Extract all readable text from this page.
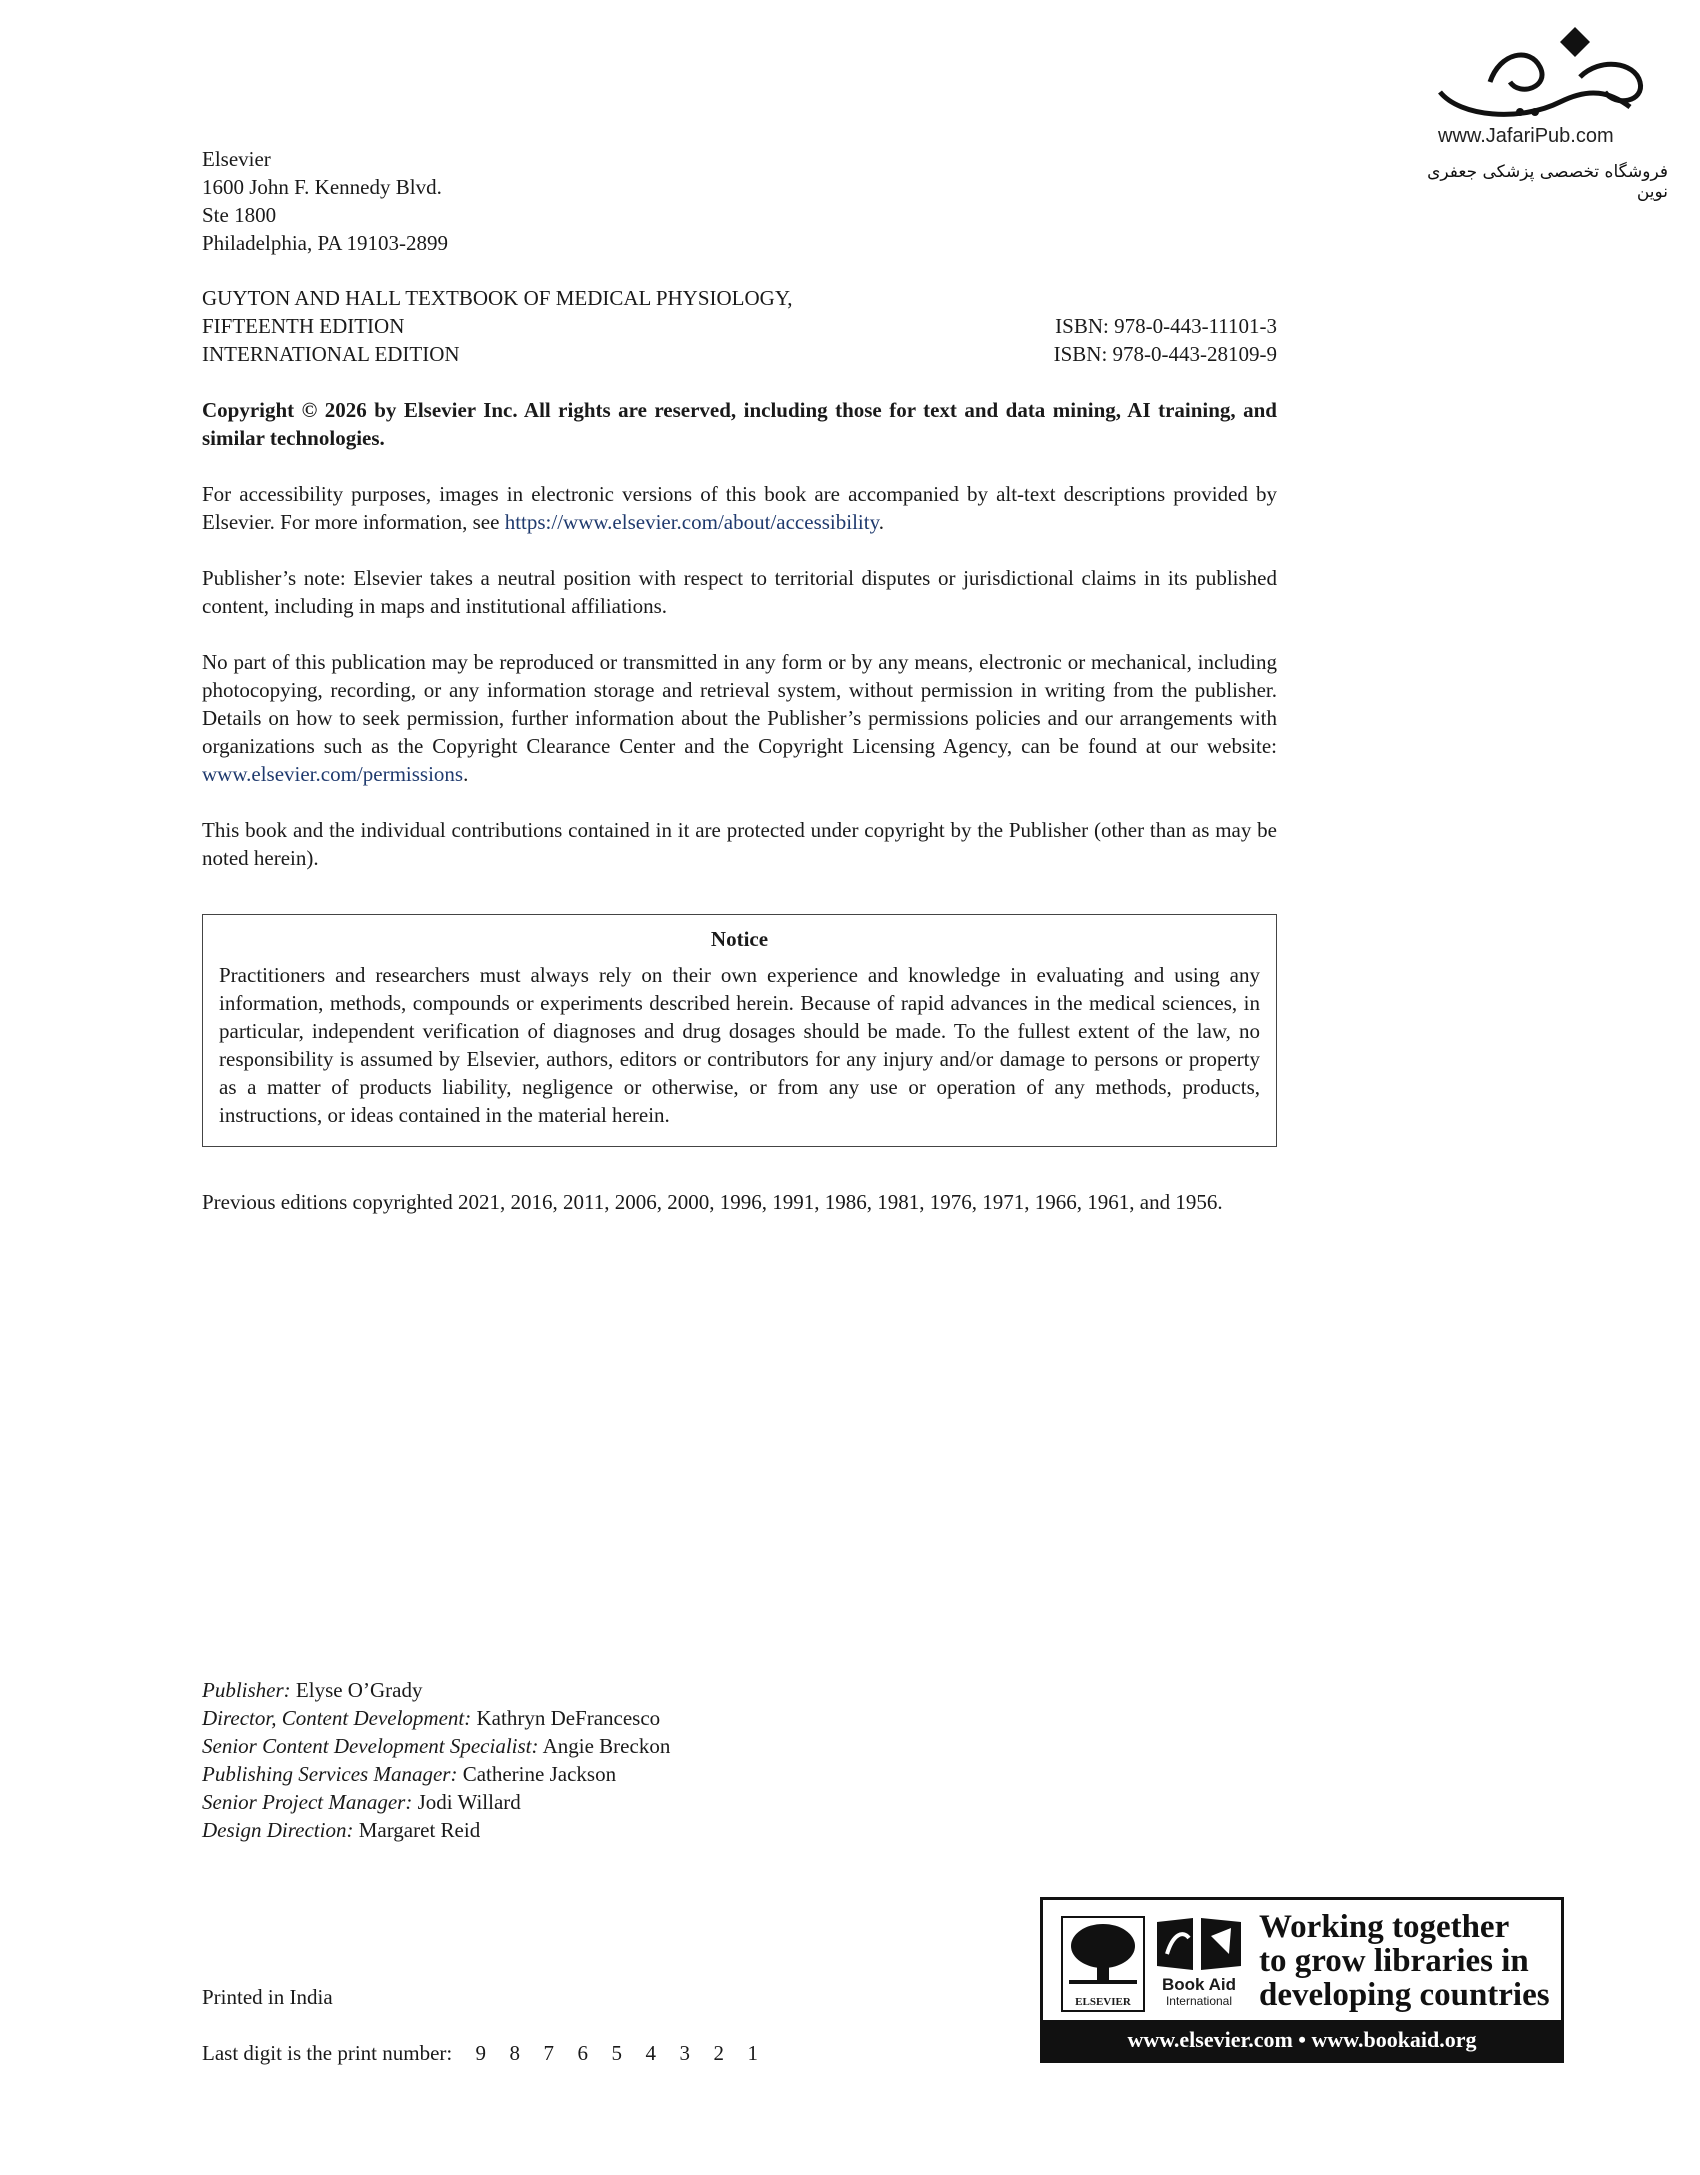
www.JafariPub.com
فروشگاه تخصصی پزشکی جعفری نوین
Elsevier
1600 John F. Kennedy Blvd.
Ste 1800
Philadelphia, PA 19103-2899
GUYTON AND HALL TEXTBOOK OF MEDICAL PHYSIOLOGY,
FIFTEENTH EDITION	ISBN: 978-0-443-11101-3
INTERNATIONAL EDITION	ISBN: 978-0-443-28109-9
Copyright © 2026 by Elsevier Inc. All rights are reserved, including those for text and data mining, AI training, and similar technologies.
For accessibility purposes, images in electronic versions of this book are accompanied by alt-text descriptions provided by Elsevier. For more information, see https://www.elsevier.com/about/accessibility.
Publisher’s note: Elsevier takes a neutral position with respect to territorial disputes or jurisdictional claims in its published content, including in maps and institutional affiliations.
No part of this publication may be reproduced or transmitted in any form or by any means, electronic or mechanical, including photocopying, recording, or any information storage and retrieval system, without permission in writing from the publisher. Details on how to seek permission, further information about the Publisher’s permissions policies and our arrangements with organizations such as the Copyright Clearance Center and the Copyright Licensing Agency, can be found at our website: www.elsevier.com/permissions.
This book and the individual contributions contained in it are protected under copyright by the Publisher (other than as may be noted herein).
Notice
Practitioners and researchers must always rely on their own experience and knowledge in evaluating and using any information, methods, compounds or experiments described herein. Because of rapid advances in the medical sciences, in particular, independent verification of diagnoses and drug dosages should be made. To the fullest extent of the law, no responsibility is assumed by Elsevier, authors, editors or contributors for any injury and/or damage to persons or property as a matter of products liability, negligence or otherwise, or from any use or operation of any methods, products, instructions, or ideas contained in the material herein.
Previous editions copyrighted 2021, 2016, 2011, 2006, 2000, 1996, 1991, 1986, 1981, 1976, 1971, 1966, 1961, and 1956.
Publisher: Elyse O’Grady
Director, Content Development: Kathryn DeFrancesco
Senior Content Development Specialist: Angie Breckon
Publishing Services Manager: Catherine Jackson
Senior Project Manager: Jodi Willard
Design Direction: Margaret Reid
Printed in India
Last digit is the print number: 9 8 7 6 5 4 3 2 1
ELSEVIER
Book Aid
International
Working together
to grow libraries in
developing countries
www.elsevier.com • www.bookaid.org
